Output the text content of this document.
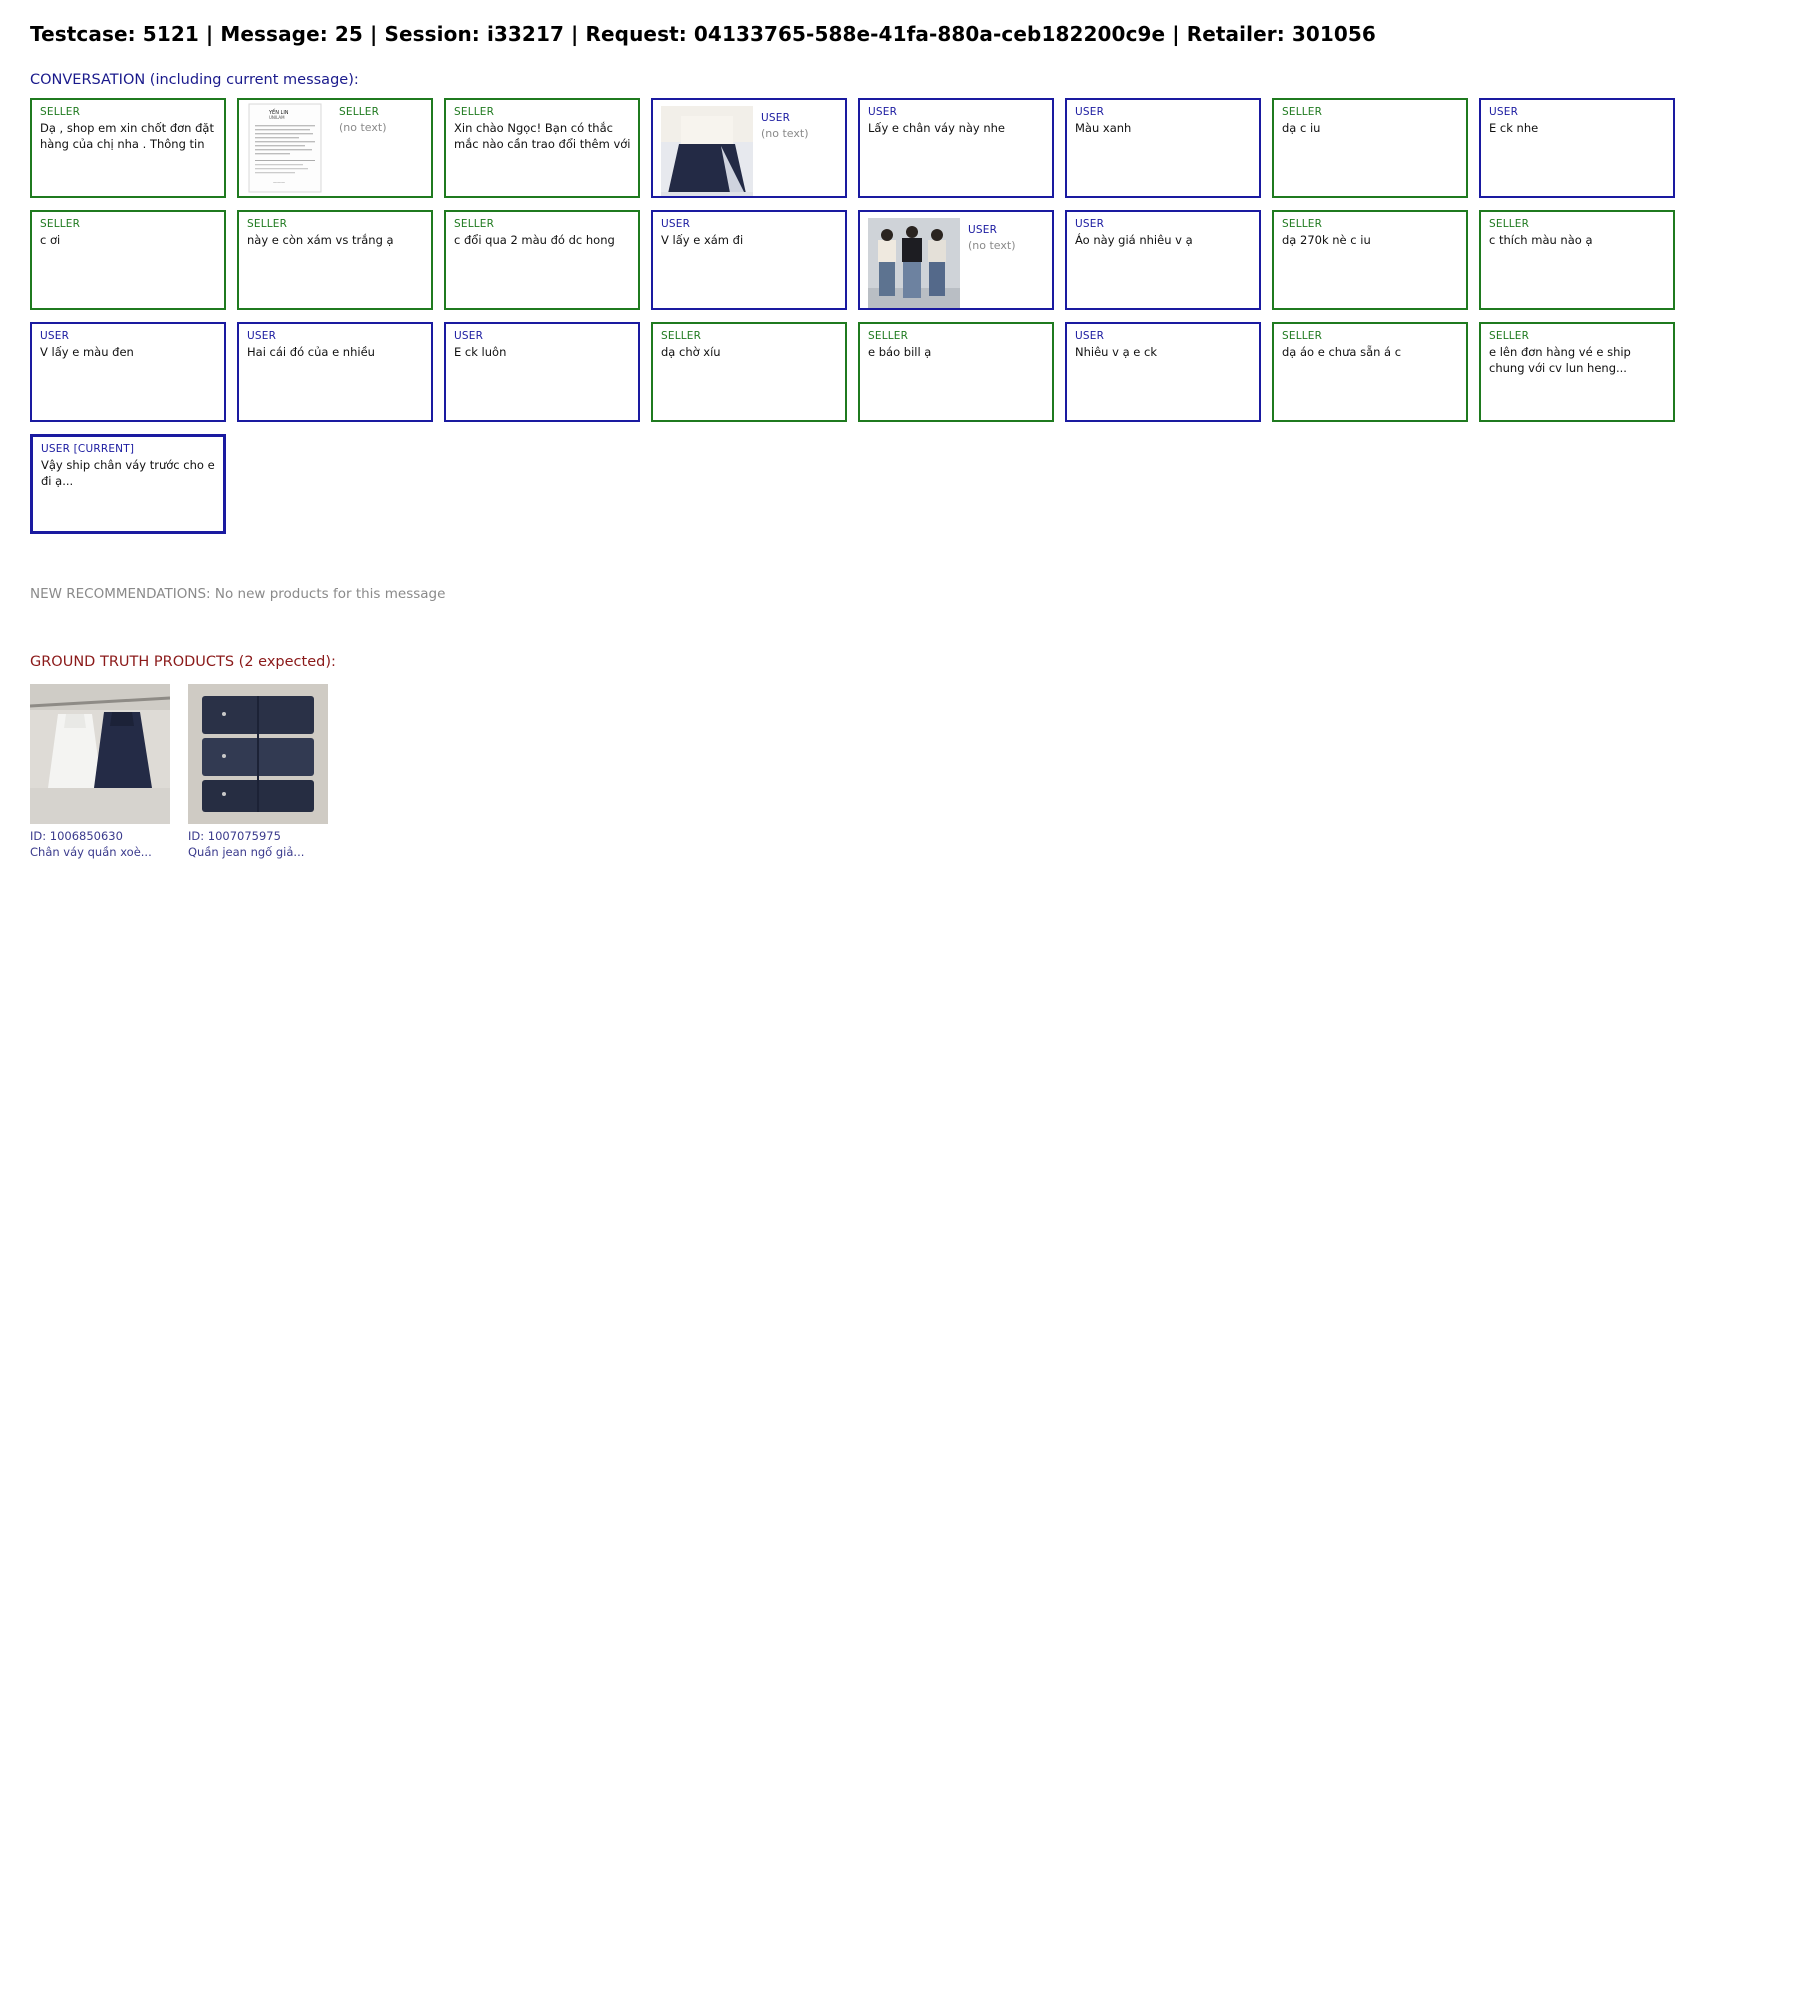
Testcase: 5121 | Message: 25 | Session: i33217 | Request: 04133765-588e-41fa-880a-ceb182200c9e | Retailer: 301056
CONVERSATION (including current message):
SELLER
Dạ , shop em xin chốt đơn đặt hàng của chị nha . Thông tin
YẾN LIN
UNILAM
———
SELLER
(no text)
SELLER
Xin chào Ngọc! Bạn có thắc mắc nào cần trao đổi thêm với
USER
(no text)
USER
Lấy e chân váy này nhe
USER
Màu xanh
SELLER
dạ c iu
USER
E ck nhe
SELLER
c ơi
SELLER
này e còn xám vs trắng ạ
SELLER
c đổi qua 2 màu đó dc hong
USER
V lấy e xám đi
USER
(no text)
USER
Áo này giá nhiêu v ạ
SELLER
dạ 270k nè c iu
SELLER
c thích màu nào ạ
USER
V lấy e màu đen
USER
Hai cái đó của e nhiều
USER
E ck luôn
SELLER
dạ chờ xíu
SELLER
e báo bill ạ
USER
Nhiêu v ạ e ck
SELLER
dạ áo e chưa sẵn á c
SELLER
e lên đơn hàng vé e ship chung với cv lun heng...
USER [CURRENT]
Vậy ship chân váy trước cho e đi ạ...
NEW RECOMMENDATIONS: No new products for this message
GROUND TRUTH PRODUCTS (2 expected):
ID: 1006850630
Chân váy quần xoè...
ID: 1007075975
Quần jean ngố giả...
